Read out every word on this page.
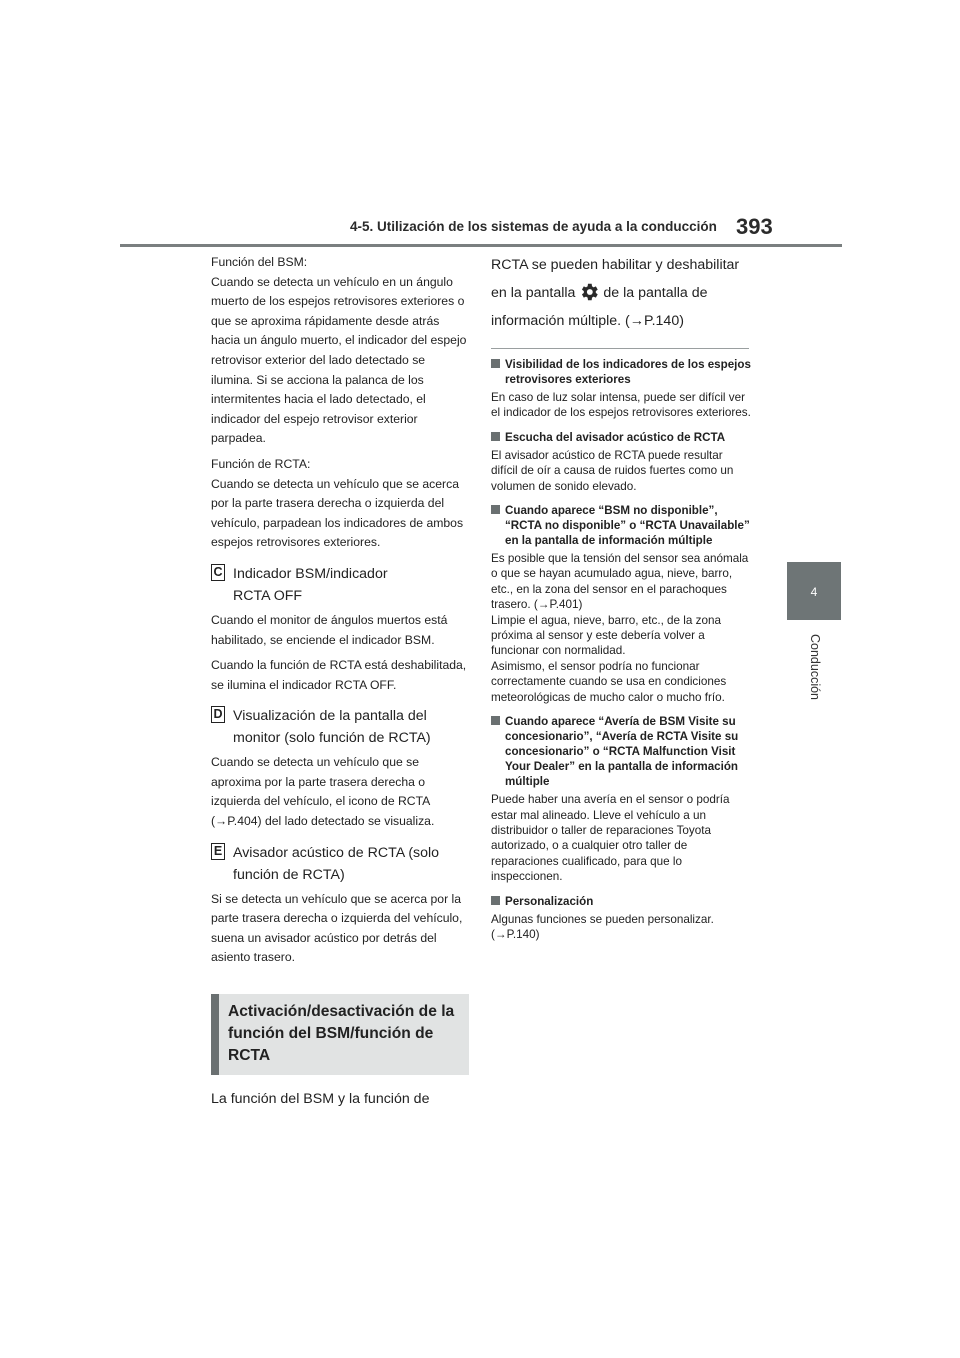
4-5. Utilización de los sistemas de ayuda a la conducción 393
4
Conducción

Función del BSM:

Cuando se detecta un vehículo en un ángulo muerto de los espejos retrovisores exteriores o que se aproxima rápidamente desde atrás hacia un ángulo muerto, el indicador del espejo retrovisor exterior del lado detectado se ilumina. Si se acciona la palanca de los intermitentes hacia el lado detectado, el indicador del espejo retrovisor exterior parpadea.

Función de RCTA:

Cuando se detecta un vehículo que se acerca por la parte trasera derecha o izquierda del vehículo, parpadean los indicadores de ambos espejos retrovisores exteriores.

C Indicador BSM/indicador
RCTA OFF

Cuando el monitor de ángulos muertos está habilitado, se enciende el indicador BSM.

Cuando la función de RCTA está deshabilitada, se ilumina el indicador RCTA OFF.

D Visualización de la pantalla del
monitor (solo función de RCTA)

Cuando se detecta un vehículo que se aproxima por la parte trasera derecha o izquierda del vehículo, el icono de RCTA (→P.404) del lado detectado se visualiza.

E Avisador acústico de RCTA (solo
función de RCTA)

Si se detecta un vehículo que se acerca por la parte trasera derecha o izquierda del vehículo, suena un avisador acústico por detrás del asiento trasero.

Activación/desactivación de la función del BSM/función de RCTA

La función del BSM y la función de

RCTA se pueden habilitar y deshabilitar

en la pantalla de la pantalla de

información múltiple. (→P.140)

Visibilidad de los indicadores de los espejos retrovisores exteriores

En caso de luz solar intensa, puede ser difícil ver el indicador de los espejos retrovisores exteriores.

Escucha del avisador acústico de RCTA

El avisador acústico de RCTA puede resultar difícil de oír a causa de ruidos fuertes como un volumen de sonido elevado.

Cuando aparece “BSM no disponible”, “RCTA no disponible” o “RCTA Unavailable” en la pantalla de información múltiple

Es posible que la tensión del sensor sea anómala o que se hayan acumulado agua, nieve, barro, etc., en la zona del sensor en el parachoques trasero. (→P.401)
Limpie el agua, nieve, barro, etc., de la zona próxima al sensor y este debería volver a funcionar con normalidad.
Asimismo, el sensor podría no funcionar correctamente cuando se usa en condiciones meteorológicas de mucho calor o mucho frío.

Cuando aparece “Avería de BSM Visite su concesionario”, “Avería de RCTA Visite su concesionario” o “RCTA Malfunction Visit Your Dealer” en la pantalla de información múltiple

Puede haber una avería en el sensor o podría estar mal alineado. Lleve el vehículo a un distribuidor o taller de reparaciones Toyota autorizado, o a cualquier otro taller de reparaciones cualificado, para que lo inspeccionen.

Personalización

Algunas funciones se pueden personalizar. (→P.140)
